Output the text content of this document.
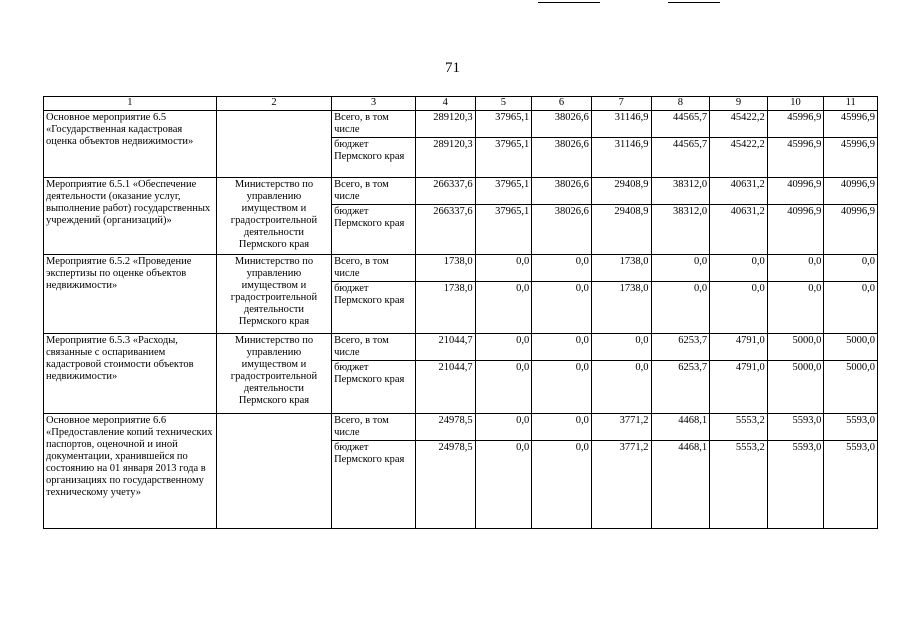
71
1	2	3	4	5	6	7	8	9	10	11
Основное мероприятие 6.5 «Государственная кадастровая оценка объектов недвижимости»		Всего, в том числе	289120,3	37965,1	38026,6	31146,9	44565,7	45422,2	45996,9	45996,9
		бюджет Пермского края	289120,3	37965,1	38026,6	31146,9	44565,7	45422,2	45996,9	45996,9
Мероприятие 6.5.1 «Обеспечение деятельности (оказание услуг, выполнение работ) государственных учреждений (организаций)»	Министерство по управлению имуществом и градостроительной деятельности Пермского края	Всего, в том числе	266337,6	37965,1	38026,6	29408,9	38312,0	40631,2	40996,9	40996,9
		бюджет Пермского края	266337,6	37965,1	38026,6	29408,9	38312,0	40631,2	40996,9	40996,9
Мероприятие 6.5.2 «Проведение экспертизы по оценке объектов недвижимости»	Министерство по управлению имуществом и градостроительной деятельности Пермского края	Всего, в том числе	1738,0	0,0	0,0	1738,0	0,0	0,0	0,0	0,0
		бюджет Пермского края	1738,0	0,0	0,0	1738,0	0,0	0,0	0,0	0,0
Мероприятие 6.5.3 «Расходы, связанные с оспариванием кадастровой стоимости объектов недвижимости»	Министерство по управлению имуществом и градостроительной деятельности Пермского края	Всего, в том числе	21044,7	0,0	0,0	0,0	6253,7	4791,0	5000,0	5000,0
		бюджет Пермского края	21044,7	0,0	0,0	0,0	6253,7	4791,0	5000,0	5000,0
Основное мероприятие 6.6 «Предоставление копий технических паспортов, оценочной и иной документации, хранившейся по состоянию на 01 января 2013 года в организациях по государственному техническому учету»		Всего, в том числе	24978,5	0,0	0,0	3771,2	4468,1	5553,2	5593,0	5593,0
		бюджет Пермского края	24978,5	0,0	0,0	3771,2	4468,1	5553,2	5593,0	5593,0
